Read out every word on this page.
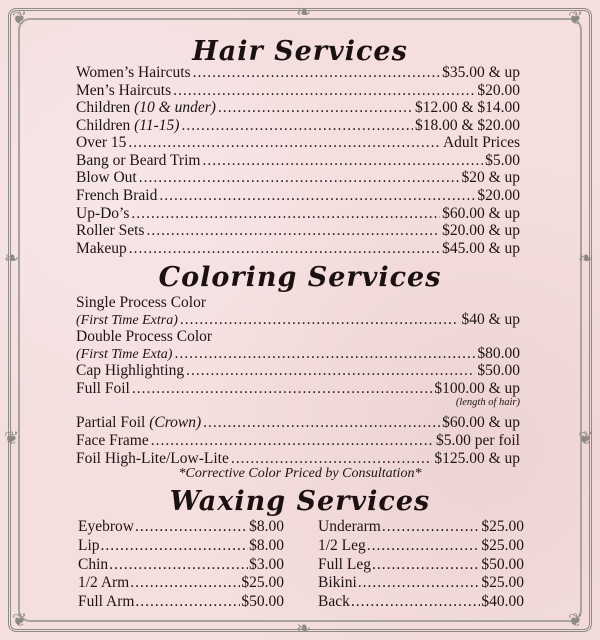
❦	❦
❦	❦
❧
❧
❧	❧
❦	❦
Hair Services
Women’s Haircuts .....	$35.00 & up
Men’s Haircuts .....	$20.00
Children (10 & under) .....	$12.00 & $14.00
Children (11-15) .....	$18.00 & $20.00
Over 15 .....	Adult Prices
Bang or Beard Trim .....	$5.00
Blow Out .....	$20 & up
French Braid .....	$20.00
Up-Do’s .....	$60.00 & up
Roller Sets .....	$20.00 & up
Makeup .....	$45.00 & up
Coloring Services
Single Process Color
(First Time Extra) .....	$40 & up
Double Process Color
(First Time Exta) .....	$80.00
Cap Highlighting .....	$50.00
Full Foil .....	$100.00 & up
(length of hair)
Partial Foil (Crown) .....	$60.00 & up
Face Frame .....	$5.00 per foil
Foil High-Lite/Low-Lite .....	$125.00 & up
*Corrective Color Priced by Consultation*
Waxing Services
Eyebrow .....	$8.00
Lip .....	$8.00
Chin .....	$3.00
1/2 Arm .....	$25.00
Full Arm .....	$50.00
Underarm .....	$25.00
1/2 Leg .....	$25.00
Full Leg .....	$50.00
Bikini .....	$25.00
Back .....	$40.00
